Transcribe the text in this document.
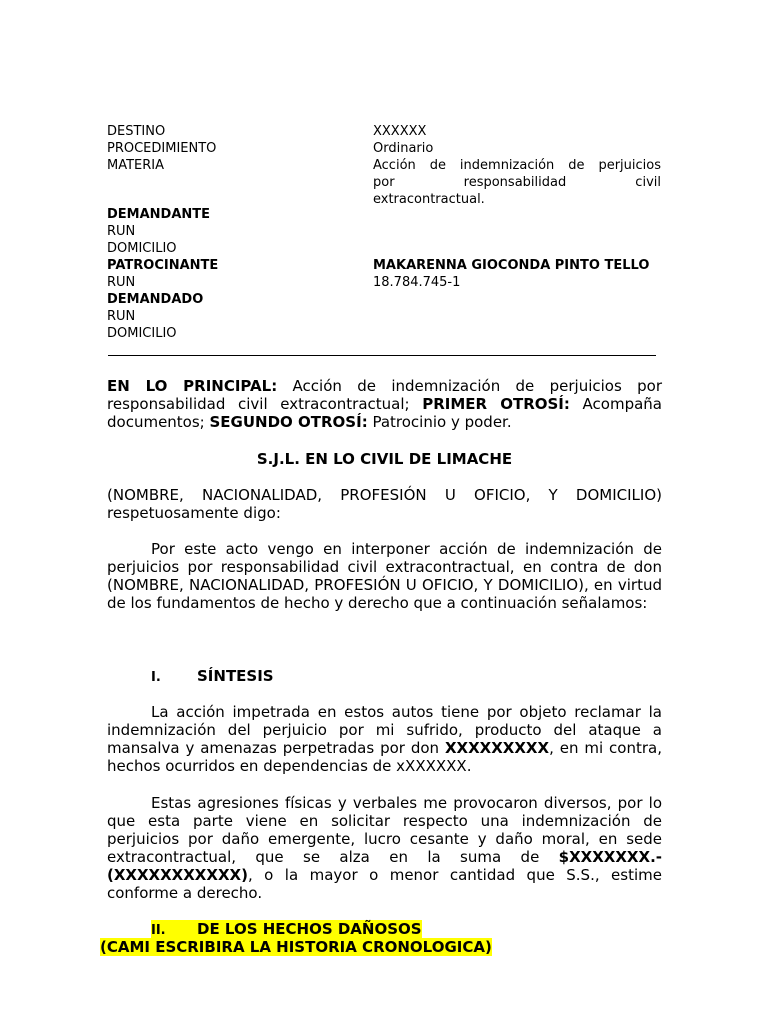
DESTINO
PROCEDIMIENTO
MATERIA
XXXXXX
Ordinario
Acción de indemnización de perjuicios
por responsabilidad civil
extracontractual.
DEMANDANTE
RUN
DOMICILIO
PATROCINANTE
RUN
DEMANDADO
RUN
DOMICILIO
MAKARENNA GIOCONDA PINTO TELLO
18.784.745-1
EN LO PRINCIPAL: Acción de indemnización de perjuicios por responsabilidad civil extracontractual; PRIMER OTROSÍ: Acompaña documentos; SEGUNDO OTROSÍ: Patrocinio y poder.
S.J.L. EN LO CIVIL DE LIMACHE
(NOMBRE, NACIONALIDAD, PROFESIÓN U OFICIO, Y DOMICILIO)
respetuosamente digo:
Por este acto vengo en interponer acción de indemnización de perjuicios por responsabilidad civil extracontractual, en contra de don (NOMBRE, NACIONALIDAD, PROFESIÓN U OFICIO, Y DOMICILIO), en virtud de los fundamentos de hecho y derecho que a continuación señalamos:
I. SÍNTESIS
La acción impetrada en estos autos tiene por objeto reclamar la indemnización del perjuicio por mi sufrido, producto del ataque a mansalva y amenazas perpetradas por don XXXXXXXXX, en mi contra, hechos ocurridos en dependencias de xXXXXXX.
Estas agresiones físicas y verbales me provocaron diversos, por lo que esta parte viene en solicitar respecto una indemnización de perjuicios por daño emergente, lucro cesante y daño moral, en sede extracontractual, que se alza en la suma de $XXXXXXX.- (XXXXXXXXXXX), o la mayor o menor cantidad que S.S., estime conforme a derecho.
II. DE LOS HECHOS DAÑOSOS
(CAMI ESCRIBIRA LA HISTORIA CRONOLOGICA)
